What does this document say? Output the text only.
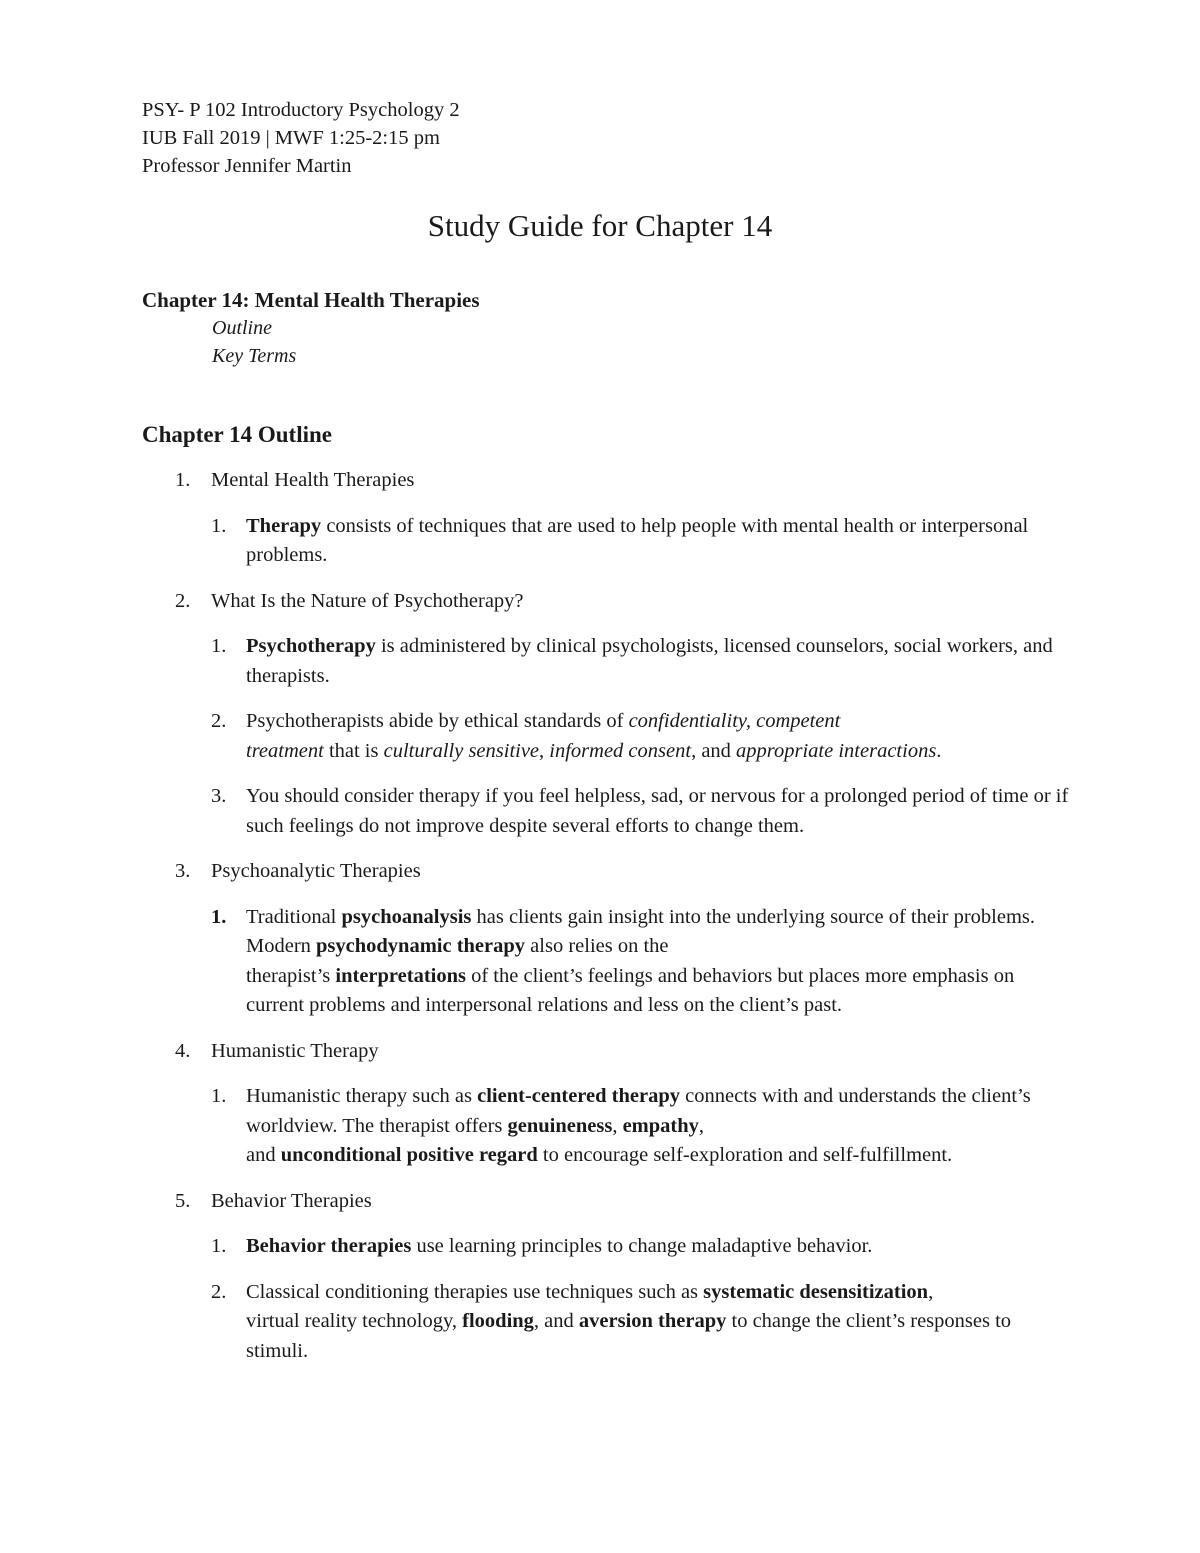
PSY- P 102 Introductory Psychology 2
IUB Fall 2019 | MWF 1:25-2:15 pm
Professor Jennifer Martin
Study Guide for Chapter 14
Chapter 14: Mental Health Therapies
Outline
Key Terms
Chapter 14 Outline
1. Mental Health Therapies
1. Therapy consists of techniques that are used to help people with mental health or interpersonal problems.
2. What Is the Nature of Psychotherapy?
1. Psychotherapy is administered by clinical psychologists, licensed counselors, social workers, and therapists.
2. Psychotherapists abide by ethical standards of confidentiality, competent
treatment that is culturally sensitive, informed consent, and appropriate interactions.
3. You should consider therapy if you feel helpless, sad, or nervous for a prolonged period of time or if such feelings do not improve despite several efforts to change them.
3. Psychoanalytic Therapies
1. Traditional psychoanalysis has clients gain insight into the underlying source of their problems. Modern psychodynamic therapy also relies on the
therapist’s interpretations of the client’s feelings and behaviors but places more emphasis on current problems and interpersonal relations and less on the client’s past.
4. Humanistic Therapy
1. Humanistic therapy such as client-centered therapy connects with and understands the client’s worldview. The therapist offers genuineness, empathy,
and unconditional positive regard to encourage self-exploration and self-fulfillment.
5. Behavior Therapies
1. Behavior therapies use learning principles to change maladaptive behavior.
2. Classical conditioning therapies use techniques such as systematic desensitization,
virtual reality technology, flooding, and aversion therapy to change the client’s responses to stimuli.
